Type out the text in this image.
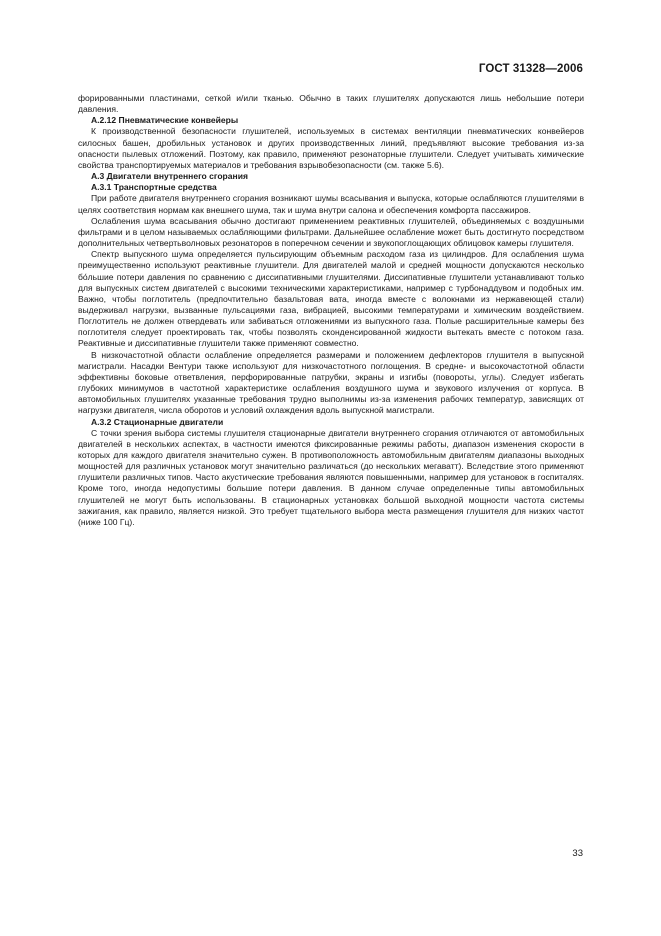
ГОСТ 31328—2006

форированными пластинами, сеткой и/или тканью. Обычно в таких глушителях допускаются лишь небольшие потери давления.

А.2.12 Пневматические конвейеры

К производственной безопасности глушителей, используемых в системах вентиляции пневматических конвейеров силосных башен, дробильных установок и других производственных линий, предъявляют высокие требования из-за опасности пылевых отложений. Поэтому, как правило, применяют резонаторные глушители. Следует учитывать химические свойства транспортируемых материалов и требования взрывобезопасности (см. также 5.6).

А.3 Двигатели внутреннего сгорания

А.3.1 Транспортные средства

При работе двигателя внутреннего сгорания возникают шумы всасывания и выпуска, которые ослабляются глушителями в целях соответствия нормам как внешнего шума, так и шума внутри салона и обеспечения комфорта пассажиров.

Ослабления шума всасывания обычно достигают применением реактивных глушителей, объединяемых с воздушными фильтрами и в целом называемых ослабляющими фильтрами. Дальнейшее ослабление может быть достигнуто посредством дополнительных четвертьволновых резонаторов в поперечном сечении и звукопоглощающих облицовок камеры глушителя.

Спектр выпускного шума определяется пульсирующим объемным расходом газа из цилиндров. Для ослабления шума преимущественно используют реактивные глушители. Для двигателей малой и средней мощности допускаются несколько бо́льшие потери давления по сравнению с диссипативными глушителями. Диссипативные глушители устанавливают только для выпускных систем двигателей с высокими техническими характеристиками, например с турбонаддувом и подобных им. Важно, чтобы поглотитель (предпочтительно базальтовая вата, иногда вместе с волокнами из нержавеющей стали) выдерживал нагрузки, вызванные пульсациями газа, вибрацией, высокими температурами и химическим воздействием. Поглотитель не должен отвердевать или забиваться отложениями из выпускного газа. Полые расширительные камеры без поглотителя следует проектировать так, чтобы позволять сконденсированной жидкости вытекать вместе с потоком газа. Реактивные и диссипативные глушители также применяют совместно.

В низкочастотной области ослабление определяется размерами и положением дефлекторов глушителя в выпускной магистрали. Насадки Вентури также используют для низкочастотного поглощения. В средне- и высокочастотной области эффективны боковые ответвления, перфорированные патрубки, экраны и изгибы (повороты, углы). Следует избегать глубоких минимумов в частотной характеристике ослабления воздушного шума и звукового излучения от корпуса. В автомобильных глушителях указанные требования трудно выполнимы из-за изменения рабочих температур, зависящих от нагрузки двигателя, числа оборотов и условий охлаждения вдоль выпускной магистрали.

А.3.2 Стационарные двигатели

С точки зрения выбора системы глушителя стационарные двигатели внутреннего сгорания отличаются от автомобильных двигателей в нескольких аспектах, в частности имеются фиксированные режимы работы, диапазон изменения скорости в которых для каждого двигателя значительно сужен. В противоположность автомобильным двигателям диапазоны выходных мощностей для различных установок могут значительно различаться (до нескольких мегаватт). Вследствие этого применяют глушители различных типов. Часто акустические требования являются повышенными, например для установок в госпиталях. Кроме того, иногда недопустимы большие потери давления. В данном случае определенные типы автомобильных глушителей не могут быть использованы. В стационарных установках большой выходной мощности частота системы зажигания, как правило, является низкой. Это требует тщательного выбора места размещения глушителя для низких частот (ниже 100 Гц).

33
